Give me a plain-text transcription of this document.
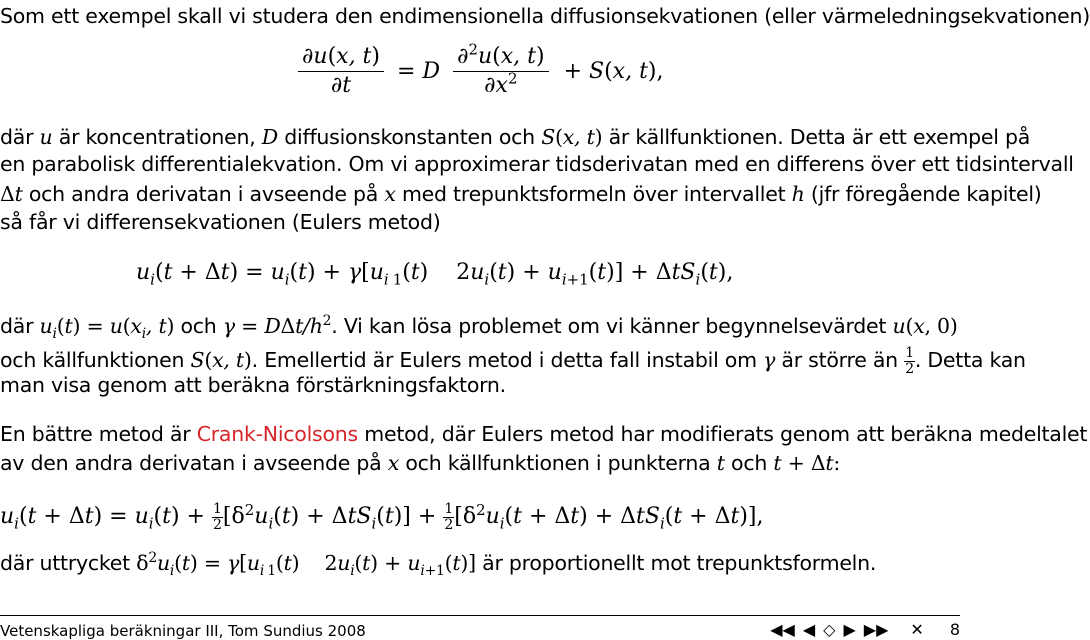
Som ett exempel skall vi studera den endimensionella diffusionsekvationen (eller värmeledningsekvationen)
$\frac{\partial u(x, t)}{\partial t} = D \frac{\partial^2u(x, t)}{\partial x^2} + S(x$, t),
där u är koncentrationen, D diffusionskonstanten och S(x, t) är källfunktionen. Detta är ett exempel på
en parabolisk differentialekvation. Om vi approximerar tidsderivatan med en differens över ett tidsintervall
Δt och andra derivatan i avseende på x med trepunktsformeln över intervallet h (jfr föregående kapitel)
så får vi differensekvationen (Eulers metod)
$u_i(t + \Delta t) = u_i(t) + \gamma[u_{i 1}(t)$    $2u_i(t) + u_{i+1}(t)] + \Delta tS_i(t)$,
där $u_i(t) = u(x_i$, t) och γ = DΔt/$h^2$. Vi kan lösa problemet om vi känner begynnelsevärdet u(x, 0)
och källfunktionen S(x, t). Emellertid är Eulers metod i detta fall instabil om γ är större än $\frac{1}{2}$ . Detta kan
man visa genom att beräkna förstärkningsfaktorn.
En bättre metod är Crank-Nicolsons metod, där Eulers metod har modifierats genom att beräkna medeltalet
av den andra derivatan i avseende på x och källfunktionen i punkterna t och t + Δt:
$u_i(t + \Delta t) = u_i(t) + \frac{1}{2} [\delta^2u_i(t) + \Delta tS_i(t)] + \frac{1}{2} [\delta^2u_i(t + \Delta t) + \Delta tS_i(t + \Delta t)]$,
där uttrycket $\delta^2u_i(t) = \gamma[u_{i 1}(t)$    $2u_i(t) + u_{i+1}(t)$] är proportionellt mot trepunktsformeln.
Vetenskapliga beräkningar III, Tom Sundius 2008	◀◀ ◀ ◇ ▶ ▶▶ ✕ 8
